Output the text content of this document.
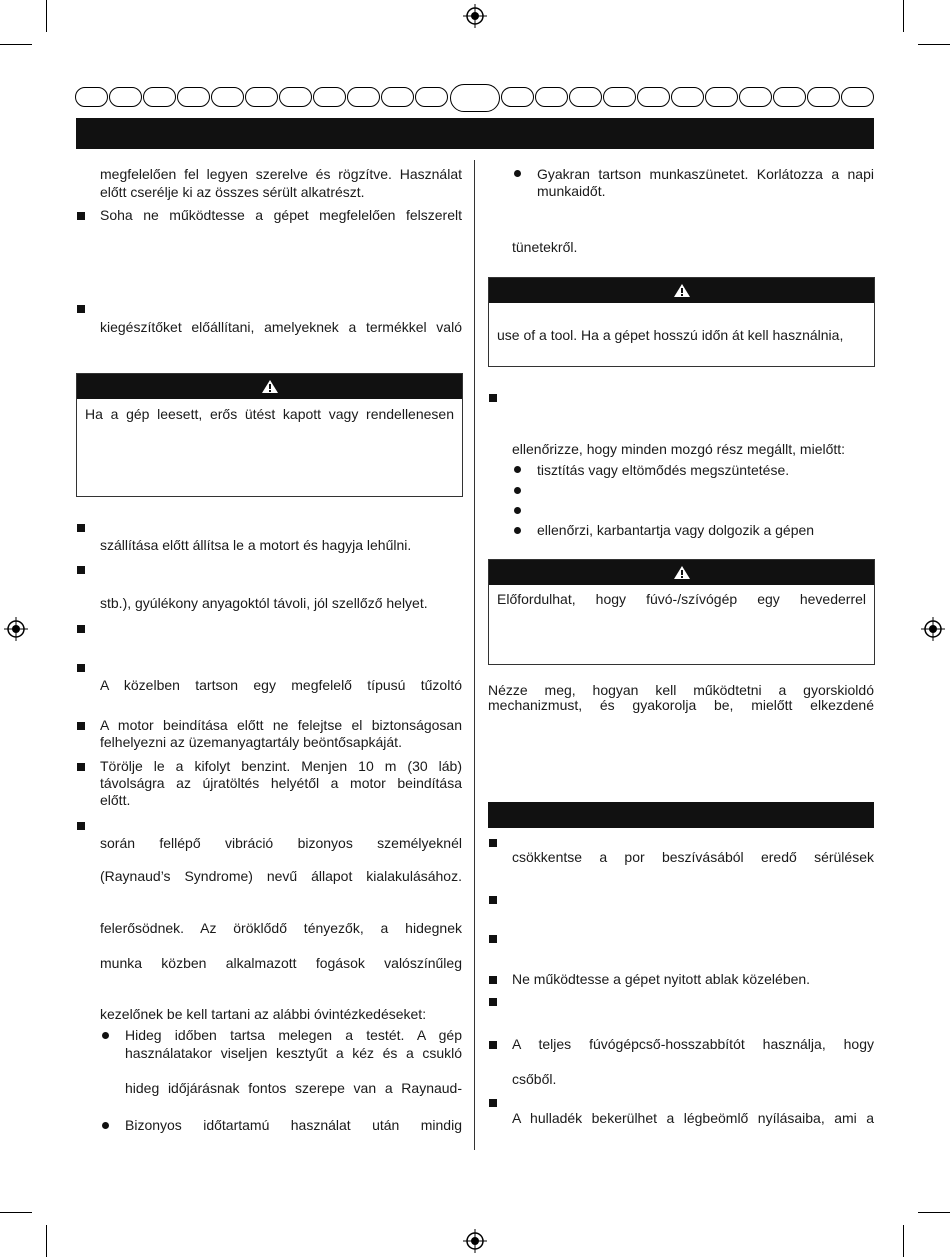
megfelelően fel legyen szerelve és rögzítve. Használat
előtt cserélje ki az összes sérült alkatrészt.
Soha ne működtesse a gépet megfelelően felszerelt
kiegészítőket előállítani, amelyeknek a termékkel való
Ha a gép leesett, erős ütést kapott vagy rendellenesen
szállítása előtt állítsa le a motort és hagyja lehűlni.
stb.), gyúlékony anyagoktól távoli, jól szellőző helyet.
A közelben tartson egy megfelelő típusú tűzoltó
A motor beindítása előtt ne felejtse el biztonságosan
felhelyezni az üzemanyagtartály beöntősapkáját.
Törölje le a kifolyt benzint. Menjen 10 m (30 láb)
távolságra az újratöltés helyétől a motor beindítása
előtt.
során fellépő vibráció bizonyos személyeknél
(Raynaud’s Syndrome) nevű állapot kialakulásához.
felerősödnek. Az öröklődő tényezők, a hidegnek
munka közben alkalmazott fogások valószínűleg
kezelőnek be kell tartani az alábbi óvintézkedéseket:
Hideg időben tartsa melegen a testét. A gép
használatakor viseljen kesztyűt a kéz és a csukló
hideg időjárásnak fontos szerepe van a Raynaud-
Bizonyos időtartamú használat után mindig
Gyakran tartson munkaszünetet. Korlátozza a napi
munkaidőt.
tünetekről.
use of a tool. Ha a gépet hosszú időn át kell használnia,
ellenőrizze, hogy minden mozgó rész megállt, mielőtt:
tisztítás vagy eltömődés megszüntetése.
ellenőrzi, karbantartja vagy dolgozik a gépen
Előfordulhat, hogy fúvó-/szívógép egy hevederrel
Nézze meg, hogyan kell működtetni a gyorskioldó
mechanizmust, és gyakorolja be, mielőtt elkezdené
csökkentse a por beszívásából eredő sérülések
Ne működtesse a gépet nyitott ablak közelében.
A teljes fúvógépcső-hosszabbítót használja, hogy
csőből.
A hulladék bekerülhet a légbeömlő nyílásaiba, ami a
